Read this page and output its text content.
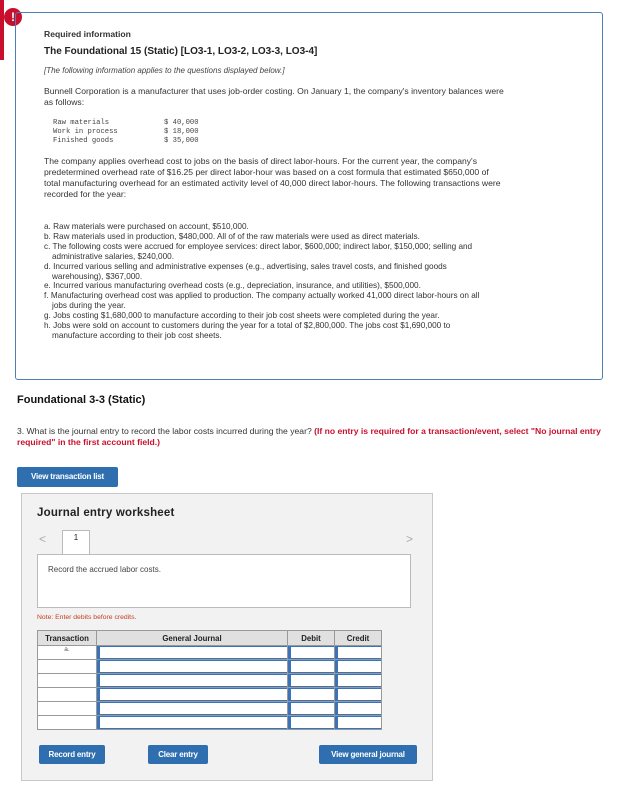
!
Required information
The Foundational 15 (Static) [LO3-1, LO3-2, LO3-3, LO3-4]
[The following information applies to the questions displayed below.]
Bunnell Corporation is a manufacturer that uses job-order costing. On January 1, the company's inventory balances were
as follows:
Raw materials	$ 40,000
Work in process	$ 18,000
Finished goods	$ 35,000
The company applies overhead cost to jobs on the basis of direct labor-hours. For the current year, the company's
predetermined overhead rate of $16.25 per direct labor-hour was based on a cost formula that estimated $650,000 of
total manufacturing overhead for an estimated activity level of 40,000 direct labor-hours. The following transactions were
recorded for the year:
a. Raw materials were purchased on account, $510,000.
b. Raw materials used in production, $480,000. All of of the raw materials were used as direct materials.
c. The following costs were accrued for employee services: direct labor, $600,000; indirect labor, $150,000; selling and
administrative salaries, $240,000.
d. Incurred various selling and administrative expenses (e.g., advertising, sales travel costs, and finished goods
warehousing), $367,000.
e. Incurred various manufacturing overhead costs (e.g., depreciation, insurance, and utilities), $500,000.
f. Manufacturing overhead cost was applied to production. The company actually worked 41,000 direct labor-hours on all
jobs during the year.
g. Jobs costing $1,680,000 to manufacture according to their job cost sheets were completed during the year.
h. Jobs were sold on account to customers during the year for a total of $2,800,000. The jobs cost $1,690,000 to
manufacture according to their job cost sheets.
Foundational 3-3 (Static)
3. What is the journal entry to record the labor costs incurred during the year? (If no entry is required for a transaction/event, select "No journal entry required" in the first account field.)
View transaction list
Journal entry worksheet
<	1	>
Record the accrued labor costs.
Note: Enter debits before credits.
Transaction	General Journal	Debit	Credit
a.	

Record entry	Clear entry	View general journal
